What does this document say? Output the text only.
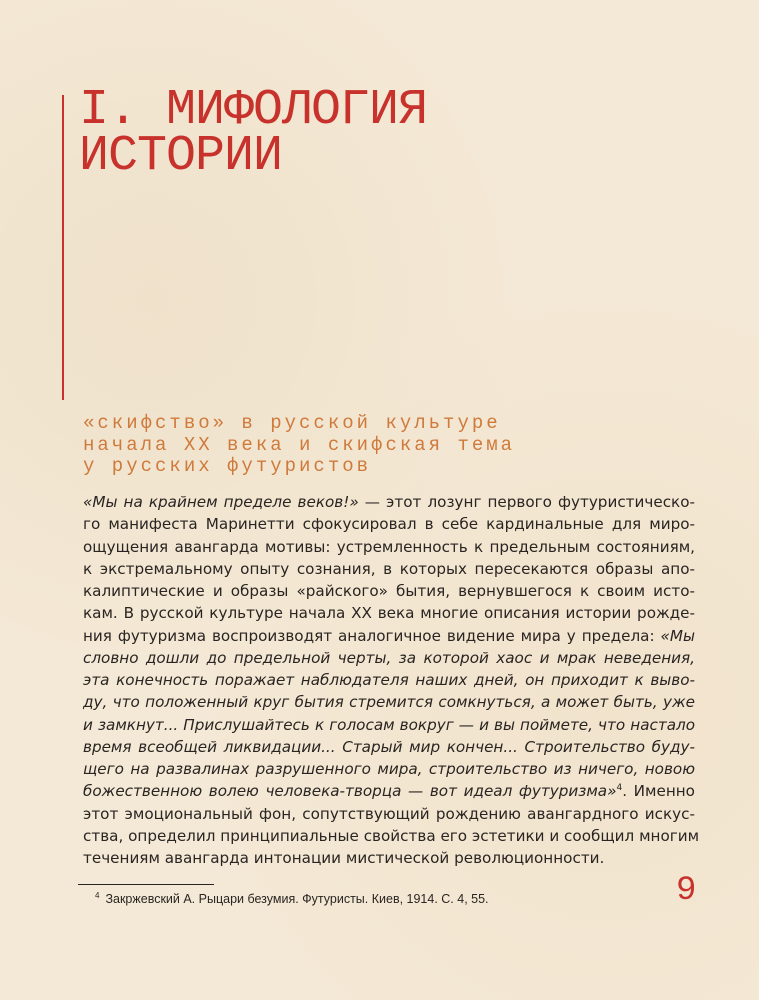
I. МИФОЛОГИЯ
ИСТОРИИ
«скифство» в русской культуре
начала XX века и скифская тема
у русских футуристов
«Мы на крайнем пределе веков!» — этот лозунг первого футуристическо-
го манифеста Маринетти сфокусировал в себе кардинальные для миро-
ощущения авангарда мотивы: устремленность к предельным состояниям,
к экстремальному опыту сознания, в которых пересекаются образы апо-
калиптические и образы «райского» бытия, вернувшегося к своим исто-
кам. В русской культуре начала XX века многие описания истории рожде-
ния футуризма воспроизводят аналогичное видение мира у предела: «Мы
словно дошли до предельной черты, за которой хаос и мрак неведения,
эта конечность поражает наблюдателя наших дней, он приходит к выво-
ду, что положенный круг бытия стремится сомкнуться, а может быть, уже
и замкнут... Прислушайтесь к голосам вокруг — и вы поймете, что настало
время всеобщей ликвидации... Старый мир кончен... Строительство буду-
щего на развалинах разрушенного мира, строительство из ничего, новою
божественною волею человека-творца — вот идеал футуризма»$^4$. Именно
этот эмоциональный фон, сопутствующий рождению авангардного искус-
ства, определил принципиальные свойства его эстетики и сообщил многим
течениям авангарда интонации мистической революционности.
$^4$ Закржевский А. Рыцари безумия. Футуристы. Киев, 1914. С. 4, 55.	9
